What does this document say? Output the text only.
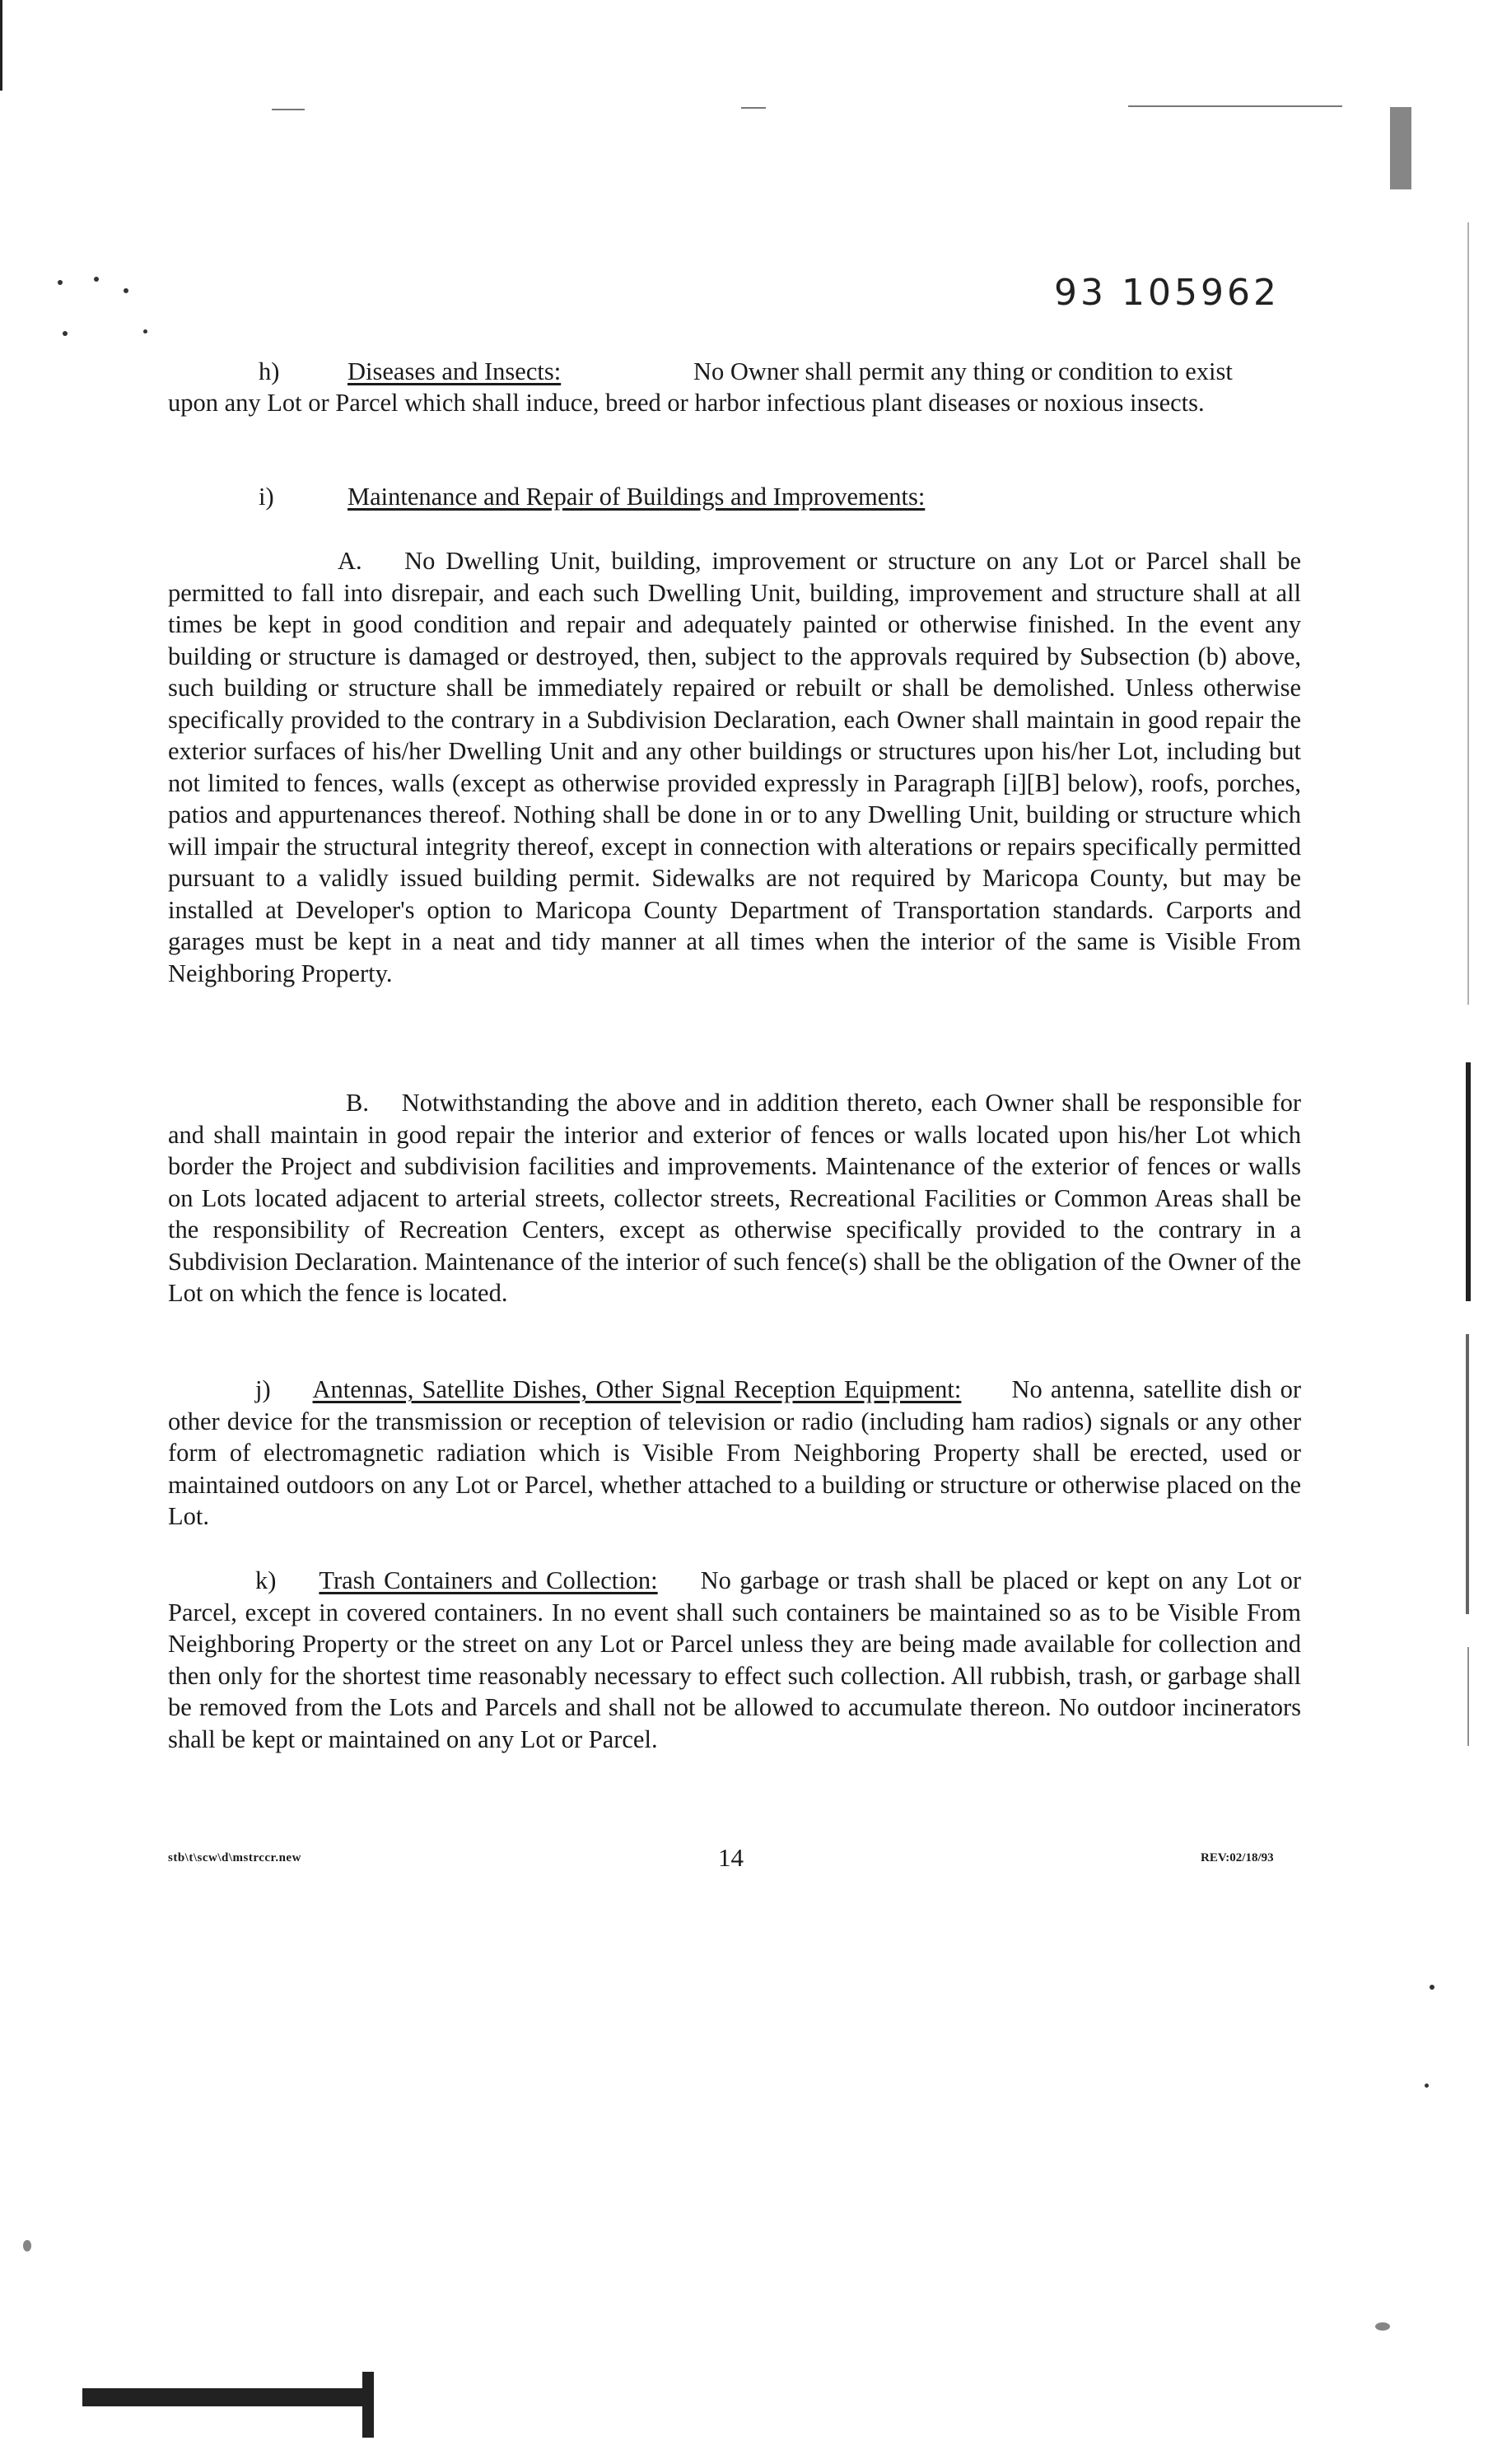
93 105962
h)	Diseases and Insects:	No Owner shall permit any thing or condition to exist
upon any Lot or Parcel which shall induce, breed or harbor infectious plant diseases or noxious insects.
i)	Maintenance and Repair of Buildings and Improvements:
A. No Dwelling Unit, building, improvement or structure on any Lot or Parcel shall be permitted to fall into disrepair, and each such Dwelling Unit, building, improvement and structure shall at all times be kept in good condition and repair and adequately painted or otherwise finished. In the event any building or structure is damaged or destroyed, then, subject to the approvals required by Subsection (b) above, such building or structure shall be immediately repaired or rebuilt or shall be demolished. Unless otherwise specifically provided to the contrary in a Subdivision Declaration, each Owner shall maintain in good repair the exterior surfaces of his/her Dwelling Unit and any other buildings or structures upon his/her Lot, including but not limited to fences, walls (except as otherwise provided expressly in Paragraph [i][B] below), roofs, porches, patios and appurtenances thereof. Nothing shall be done in or to any Dwelling Unit, building or structure which will impair the structural integrity thereof, except in connection with alterations or repairs specifically permitted pursuant to a validly issued building permit. Sidewalks are not required by Maricopa County, but may be installed at Developer's option to Maricopa County Department of Transportation standards. Carports and garages must be kept in a neat and tidy manner at all times when the interior of the same is Visible From Neighboring Property.
B. Notwithstanding the above and in addition thereto, each Owner shall be responsible for and shall maintain in good repair the interior and exterior of fences or walls located upon his/her Lot which border the Project and subdivision facilities and improvements. Maintenance of the exterior of fences or walls on Lots located adjacent to arterial streets, collector streets, Recreational Facilities or Common Areas shall be the responsibility of Recreation Centers, except as otherwise specifically provided to the contrary in a Subdivision Declaration. Maintenance of the interior of such fence(s) shall be the obligation of the Owner of the Lot on which the fence is located.
j) Antennas, Satellite Dishes, Other Signal Reception Equipment: No antenna, satellite dish or other device for the transmission or reception of television or radio (including ham radios) signals or any other form of electromagnetic radiation which is Visible From Neighboring Property shall be erected, used or maintained outdoors on any Lot or Parcel, whether attached to a building or structure or otherwise placed on the Lot.
k) Trash Containers and Collection: No garbage or trash shall be placed or kept on any Lot or Parcel, except in covered containers. In no event shall such containers be maintained so as to be Visible From Neighboring Property or the street on any Lot or Parcel unless they are being made available for collection and then only for the shortest time reasonably necessary to effect such collection. All rubbish, trash, or garbage shall be removed from the Lots and Parcels and shall not be allowed to accumulate thereon. No outdoor incinerators shall be kept or maintained on any Lot or Parcel.
stb\t\scw\d\mstrccr.new	14	REV:02/18/93
